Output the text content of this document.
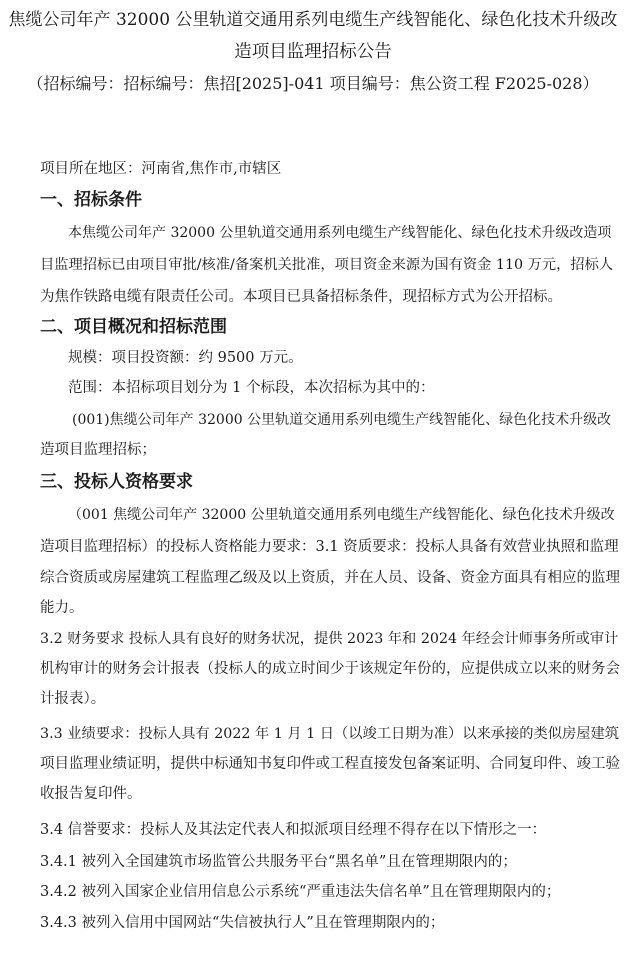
焦缆公司年产 32000 公里轨道交通用系列电缆生产线智能化、绿色化技术升级改
造项目监理招标公告
（招标编号：招标编号：焦招[2025]-041 项目编号：焦公资工程 F2025-028）
项目所在地区：河南省,焦作市,市辖区
一、招标条件
本焦缆公司年产 32000 公里轨道交通用系列电缆生产线智能化、绿色化技术升级改造项
目监理招标已由项目审批/核准/备案机关批准，项目资金来源为国有资金 110 万元，招标人
为焦作铁路电缆有限责任公司。本项目已具备招标条件，现招标方式为公开招标。
二、项目概况和招标范围
规模：项目投资额：约 9500 万元。
范围：本招标项目划分为 1 个标段，本次招标为其中的：
(001)焦缆公司年产 32000 公里轨道交通用系列电缆生产线智能化、绿色化技术升级改
造项目监理招标；
三、投标人资格要求
（001 焦缆公司年产 32000 公里轨道交通用系列电缆生产线智能化、绿色化技术升级改
造项目监理招标）的投标人资格能力要求：3.1 资质要求：投标人具备有效营业执照和监理
综合资质或房屋建筑工程监理乙级及以上资质，并在人员、设备、资金方面具有相应的监理
能力。
3.2 财务要求 投标人具有良好的财务状况，提供 2023 年和 2024 年经会计师事务所或审计
机构审计的财务会计报表（投标人的成立时间少于该规定年份的，应提供成立以来的财务会
计报表）。
3.3 业绩要求：投标人具有 2022 年 1 月 1 日（以竣工日期为准）以来承接的类似房屋建筑
项目监理业绩证明，提供中标通知书复印件或工程直接发包备案证明、合同复印件、竣工验
收报告复印件。
3.4 信誉要求：投标人及其法定代表人和拟派项目经理不得存在以下情形之一：
3.4.1 被列入全国建筑市场监管公共服务平台“黑名单”且在管理期限内的；
3.4.2 被列入国家企业信用信息公示系统“严重违法失信名单”且在管理期限内的；
3.4.3 被列入信用中国网站“失信被执行人”且在管理期限内的；
